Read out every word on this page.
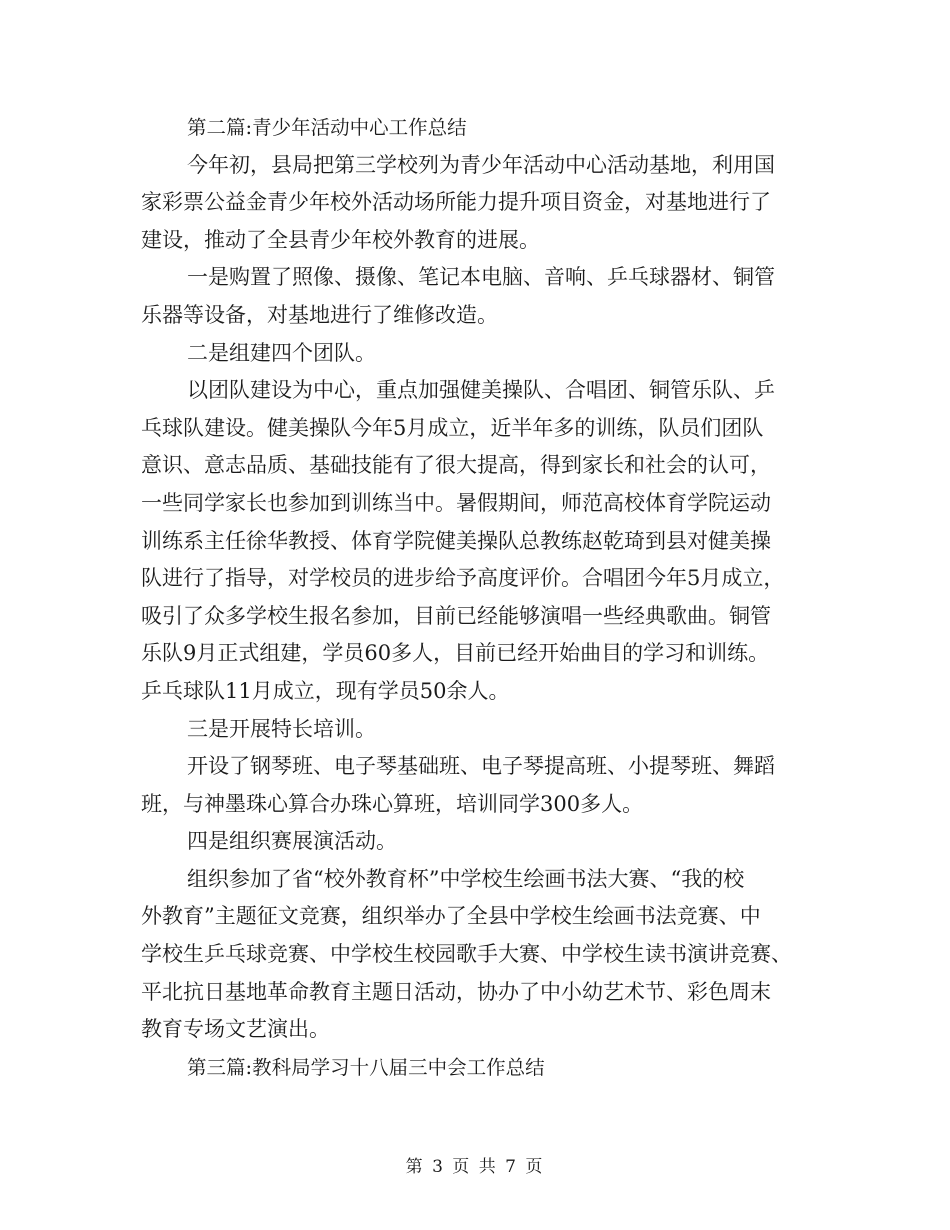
第二篇:青少年活动中心工作总结
今年初，县局把第三学校列为青少年活动中心活动基地，利用国
家彩票公益金青少年校外活动场所能力提升项目资金，对基地进行了
建设，推动了全县青少年校外教育的进展。
一是购置了照像、摄像、笔记本电脑、音响、乒乓球器材、铜管
乐器等设备，对基地进行了维修改造。
二是组建四个团队。
以团队建设为中心，重点加强健美操队、合唱团、铜管乐队、乒
乓球队建设。健美操队今年5月成立，近半年多的训练，队员们团队
意识、意志品质、基础技能有了很大提高，得到家长和社会的认可，
一些同学家长也参加到训练当中。暑假期间，师范高校体育学院运动
训练系主任徐华教授、体育学院健美操队总教练赵乾琦到县对健美操
队进行了指导，对学校员的进步给予高度评价。合唱团今年5月成立，
吸引了众多学校生报名参加，目前已经能够演唱一些经典歌曲。铜管
乐队9月正式组建，学员60多人，目前已经开始曲目的学习和训练。
乒乓球队11月成立，现有学员50余人。
三是开展特长培训。
开设了钢琴班、电子琴基础班、电子琴提高班、小提琴班、舞蹈
班，与神墨珠心算合办珠心算班，培训同学300多人。
四是组织赛展演活动。
组织参加了省“校外教育杯”中学校生绘画书法大赛、“我的校
外教育”主题征文竞赛，组织举办了全县中学校生绘画书法竞赛、中
学校生乒乓球竞赛、中学校生校园歌手大赛、中学校生读书演讲竞赛、
平北抗日基地革命教育主题日活动，协办了中小幼艺术节、彩色周末
教育专场文艺演出。
第三篇:教科局学习十八届三中会工作总结
第 3 页 共 7 页
